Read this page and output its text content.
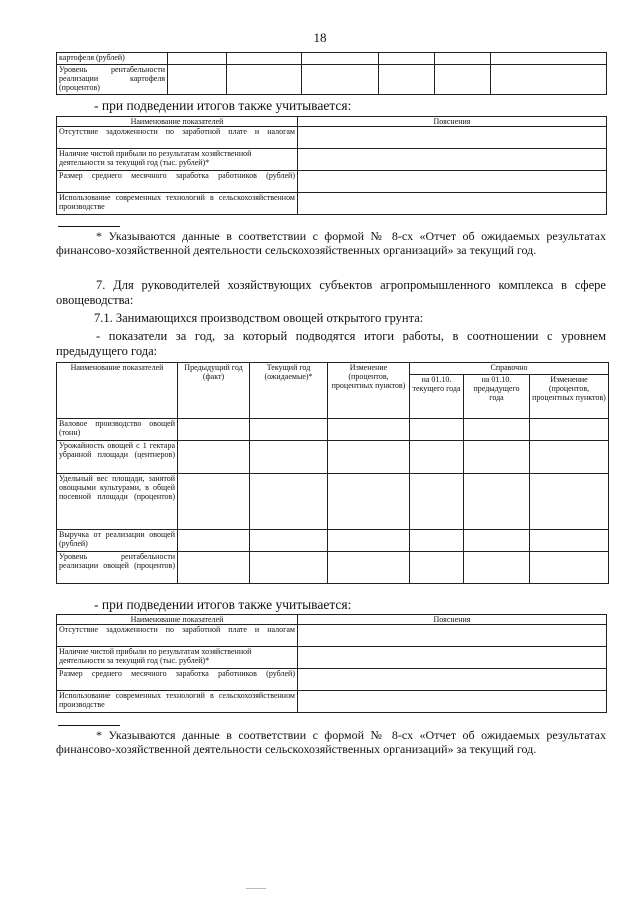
18
картофеля (рублей)						
Уровень рентабельности реализации картофеля (процентов)						
- при подведении итогов также учитывается:
Наименование показателей	Пояснения
Отсутствие задолженности по заработной плате и налогам	
Наличие чистой прибыли по результатам хозяйственной деятельности за текущий год (тыс. рублей)*	
Размер среднего месячного заработка работников (рублей)	
Использование современных технологий в сельскохозяйственном производстве	
* Указываются данные в соответствии с формой № 8-сх «Отчет об ожидаемых результатах финансово-хозяйственной деятельности сельскохозяйственных организаций» за текущий год.
7. Для руководителей хозяйствующих субъектов агропромышленного комплекса в сфере овощеводства:
7.1. Занимающихся производством овощей открытого грунта:
- показатели за год, за который подводятся итоги работы, в соотношении с уровнем предыдущего года:
Наименование показателей	Предыдущий год (факт)	Текущий год (ожидаемые)*	Изменение (процентов, процентных пунктов)	Справочно		
				на 01.10. текущего года	на 01.10. предыдущего года	Изменение (процентов, процентных пунктов)
Валовое производство овощей (тонн)						
Урожайность овощей с 1 гектара убранной площади (центнеров)						
Удельный вес площади, занятой овощными культурами, в общей посевной площади (процентов)						
Выручка от реализации овощей (рублей)						
Уровень рентабельности реализации овощей (процентов)						
- при подведении итогов также учитывается:
Наименование показателей	Пояснения
Отсутствие задолженности по заработной плате и налогам	
Наличие чистой прибыли по результатам хозяйственной деятельности за текущий год (тыс. рублей)*	
Размер среднего месячного заработка работников (рублей)	
Использование современных технологий в сельскохозяйственном производстве	
* Указываются данные в соответствии с формой № 8-сх «Отчет об ожидаемых результатах финансово-хозяйственной деятельности сельскохозяйственных организаций» за текущий год.
